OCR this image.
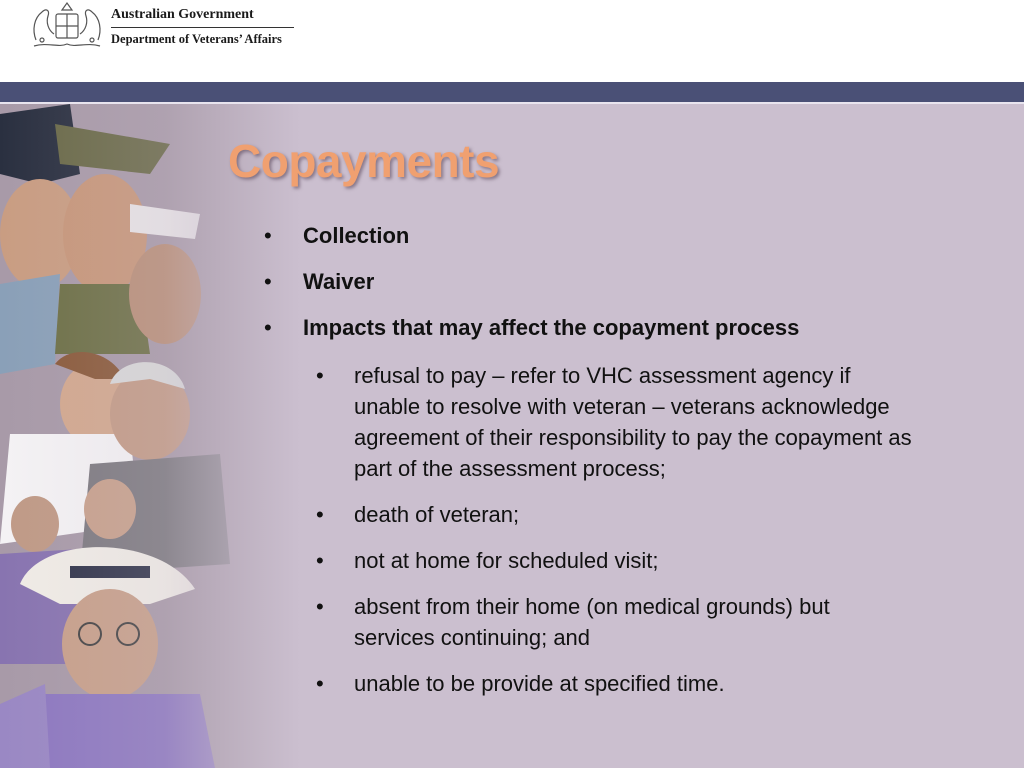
Australian Government
Department of Veterans’ Affairs
Copayments
• Collection
• Waiver
• Impacts that may affect the copayment process
• refusal to pay – refer to VHC assessment agency if unable to resolve with veteran – veterans acknowledge agreement of their responsibility to pay the copayment as part of the assessment process;
• death of veteran;
• not at home for scheduled visit;
• absent from their home (on medical grounds) but services continuing; and
• unable to be provide at specified time.
